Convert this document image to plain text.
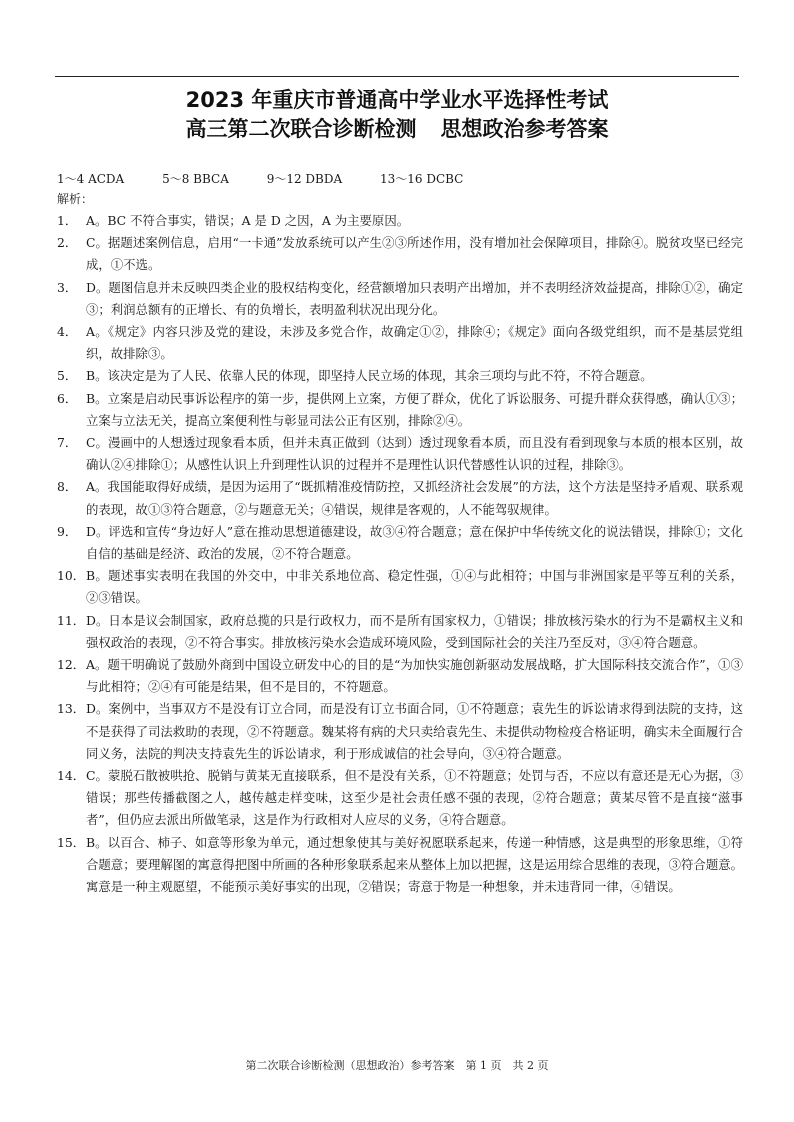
2023 年重庆市普通高中学业水平选择性考试
高三第二次联合诊断检测 思想政治参考答案
1～4 ACDA	5～8 BBCA	9～12 DBDA	13～16 DCBC
解析：
1． A。BC 不符合事实，错误；A 是 D 之因，A 为主要原因。
2． C。据题述案例信息，启用“一卡通”发放系统可以产生②③所述作用，没有增加社会保障项目，排除④。脱贫攻坚已经完成，①不选。
3． D。题图信息并未反映四类企业的股权结构变化，经营额增加只表明产出增加，并不表明经济效益提高，排除①②，确定③；利润总额有的正增长、有的负增长，表明盈利状况出现分化。
4． A。《规定》内容只涉及党的建设，未涉及多党合作，故确定①②，排除④；《规定》面向各级党组织，而不是基层党组织，故排除③。
5． B。该决定是为了人民、依靠人民的体现，即坚持人民立场的体现，其余三项均与此不符，不符合题意。
6． B。立案是启动民事诉讼程序的第一步，提供网上立案，方便了群众，优化了诉讼服务、可提升群众获得感，确认①③；立案与立法无关，提高立案便利性与彰显司法公正有区别，排除②④。
7． C。漫画中的人想透过现象看本质，但并未真正做到（达到）透过现象看本质，而且没有看到现象与本质的根本区别，故确认②④排除①；从感性认识上升到理性认识的过程并不是理性认识代替感性认识的过程，排除③。
8． A。我国能取得好成绩，是因为运用了“既抓精准疫情防控，又抓经济社会发展”的方法，这个方法是坚持矛盾观、联系观的表现，故①③符合题意，②与题意无关；④错误，规律是客观的，人不能驾驭规律。
9． D。评选和宣传“身边好人”意在推动思想道德建设，故③④符合题意；意在保护中华传统文化的说法错误，排除①；文化自信的基础是经济、政治的发展，②不符合题意。
10． B。题述事实表明在我国的外交中，中非关系地位高、稳定性强，①④与此相符；中国与非洲国家是平等互利的关系，②③错误。
11． D。日本是议会制国家，政府总揽的只是行政权力，而不是所有国家权力，①错误；排放核污染水的行为不是霸权主义和强权政治的表现，②不符合事实。排放核污染水会造成环境风险，受到国际社会的关注乃至反对，③④符合题意。
12． A。题干明确说了鼓励外商到中国设立研发中心的目的是“为加快实施创新驱动发展战略，扩大国际科技交流合作”，①③与此相符；②④有可能是结果，但不是目的，不符题意。
13． D。案例中，当事双方不是没有订立合同，而是没有订立书面合同，①不符题意；袁先生的诉讼请求得到法院的支持，这不是获得了司法救助的表现，②不符题意。魏某将有病的犬只卖给袁先生、未提供动物检疫合格证明，确实未全面履行合同义务，法院的判决支持袁先生的诉讼请求，利于形成诚信的社会导向，③④符合题意。
14． C。蒙脱石散被哄抢、脱销与黄某无直接联系，但不是没有关系，①不符题意；处罚与否，不应以有意还是无心为据，③错误；那些传播截图之人，越传越走样变味，这至少是社会责任感不强的表现，②符合题意；黄某尽管不是直接“滋事者”，但仍应去派出所做笔录，这是作为行政相对人应尽的义务，④符合题意。
15． B。以百合、柿子、如意等形象为单元，通过想象使其与美好祝愿联系起来，传递一种情感，这是典型的形象思维，①符合题意；要理解图的寓意得把图中所画的各种形象联系起来从整体上加以把握，这是运用综合思维的表现，③符合题意。寓意是一种主观愿望，不能预示美好事实的出现，②错误；寄意于物是一种想象，并未违背同一律，④错误。
第二次联合诊断检测（思想政治）参考答案　第 1 页　共 2 页
